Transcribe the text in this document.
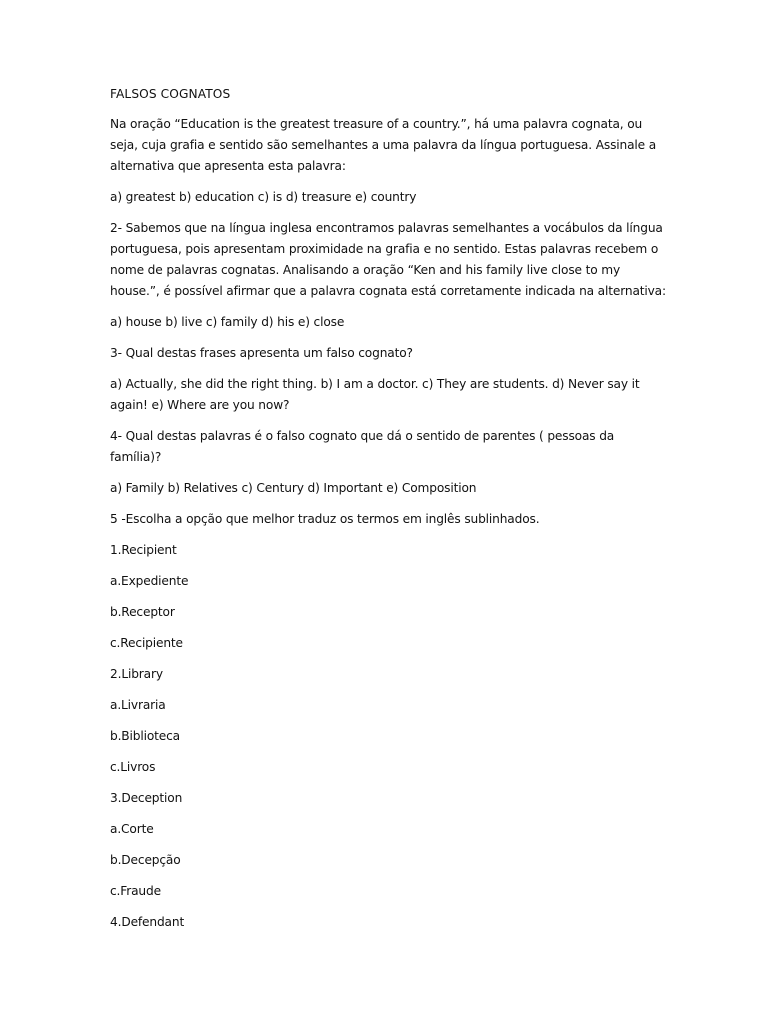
FALSOS COGNATOS

Na oração “Education is the greatest treasure of a country.”, há uma palavra cognata, ou seja, cuja grafia e sentido são semelhantes a uma palavra da língua portuguesa. Assinale a alternativa que apresenta esta palavra:

a) greatest b) education c) is d) treasure e) country

2- Sabemos que na língua inglesa encontramos palavras semelhantes a vocábulos da língua portuguesa, pois apresentam proximidade na grafia e no sentido. Estas palavras recebem o nome de palavras cognatas. Analisando a oração “Ken and his family live close to my house.”, é possível afirmar que a palavra cognata está corretamente indicada na alternativa:

a) house b) live c) family d) his e) close

3- Qual destas frases apresenta um falso cognato?

a) Actually, she did the right thing. b) I am a doctor. c) They are students. d) Never say it again! e) Where are you now?

4- Qual destas palavras é o falso cognato que dá o sentido de parentes ( pessoas da família)?

a) Family b) Relatives c) Century d) Important e) Composition

5 -Escolha a opção que melhor traduz os termos em inglês sublinhados.

1.Recipient

a.Expediente

b.Receptor

c.Recipiente

2.Library

a.Livraria

b.Biblioteca

c.Livros

3.Deception

a.Corte

b.Decepção

c.Fraude

4.Defendant
